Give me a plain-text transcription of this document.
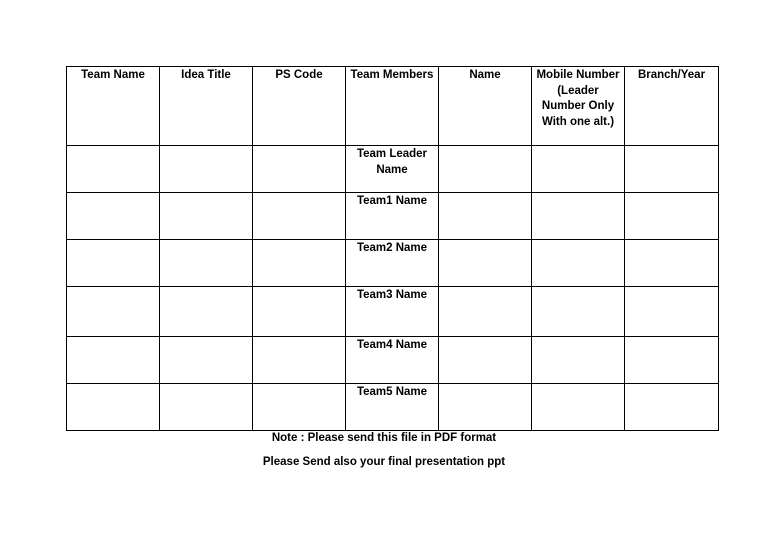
Team Name	Idea Title	PS Code	Team Members	Name	Mobile Number (Leader Number Only With one alt.)	Branch/Year
			Team Leader Name			
			Team1 Name			
			Team2 Name			
			Team3 Name			
			Team4 Name			
			Team5 Name			
Note : Please send this file in PDF format
Please Send also your final presentation ppt
